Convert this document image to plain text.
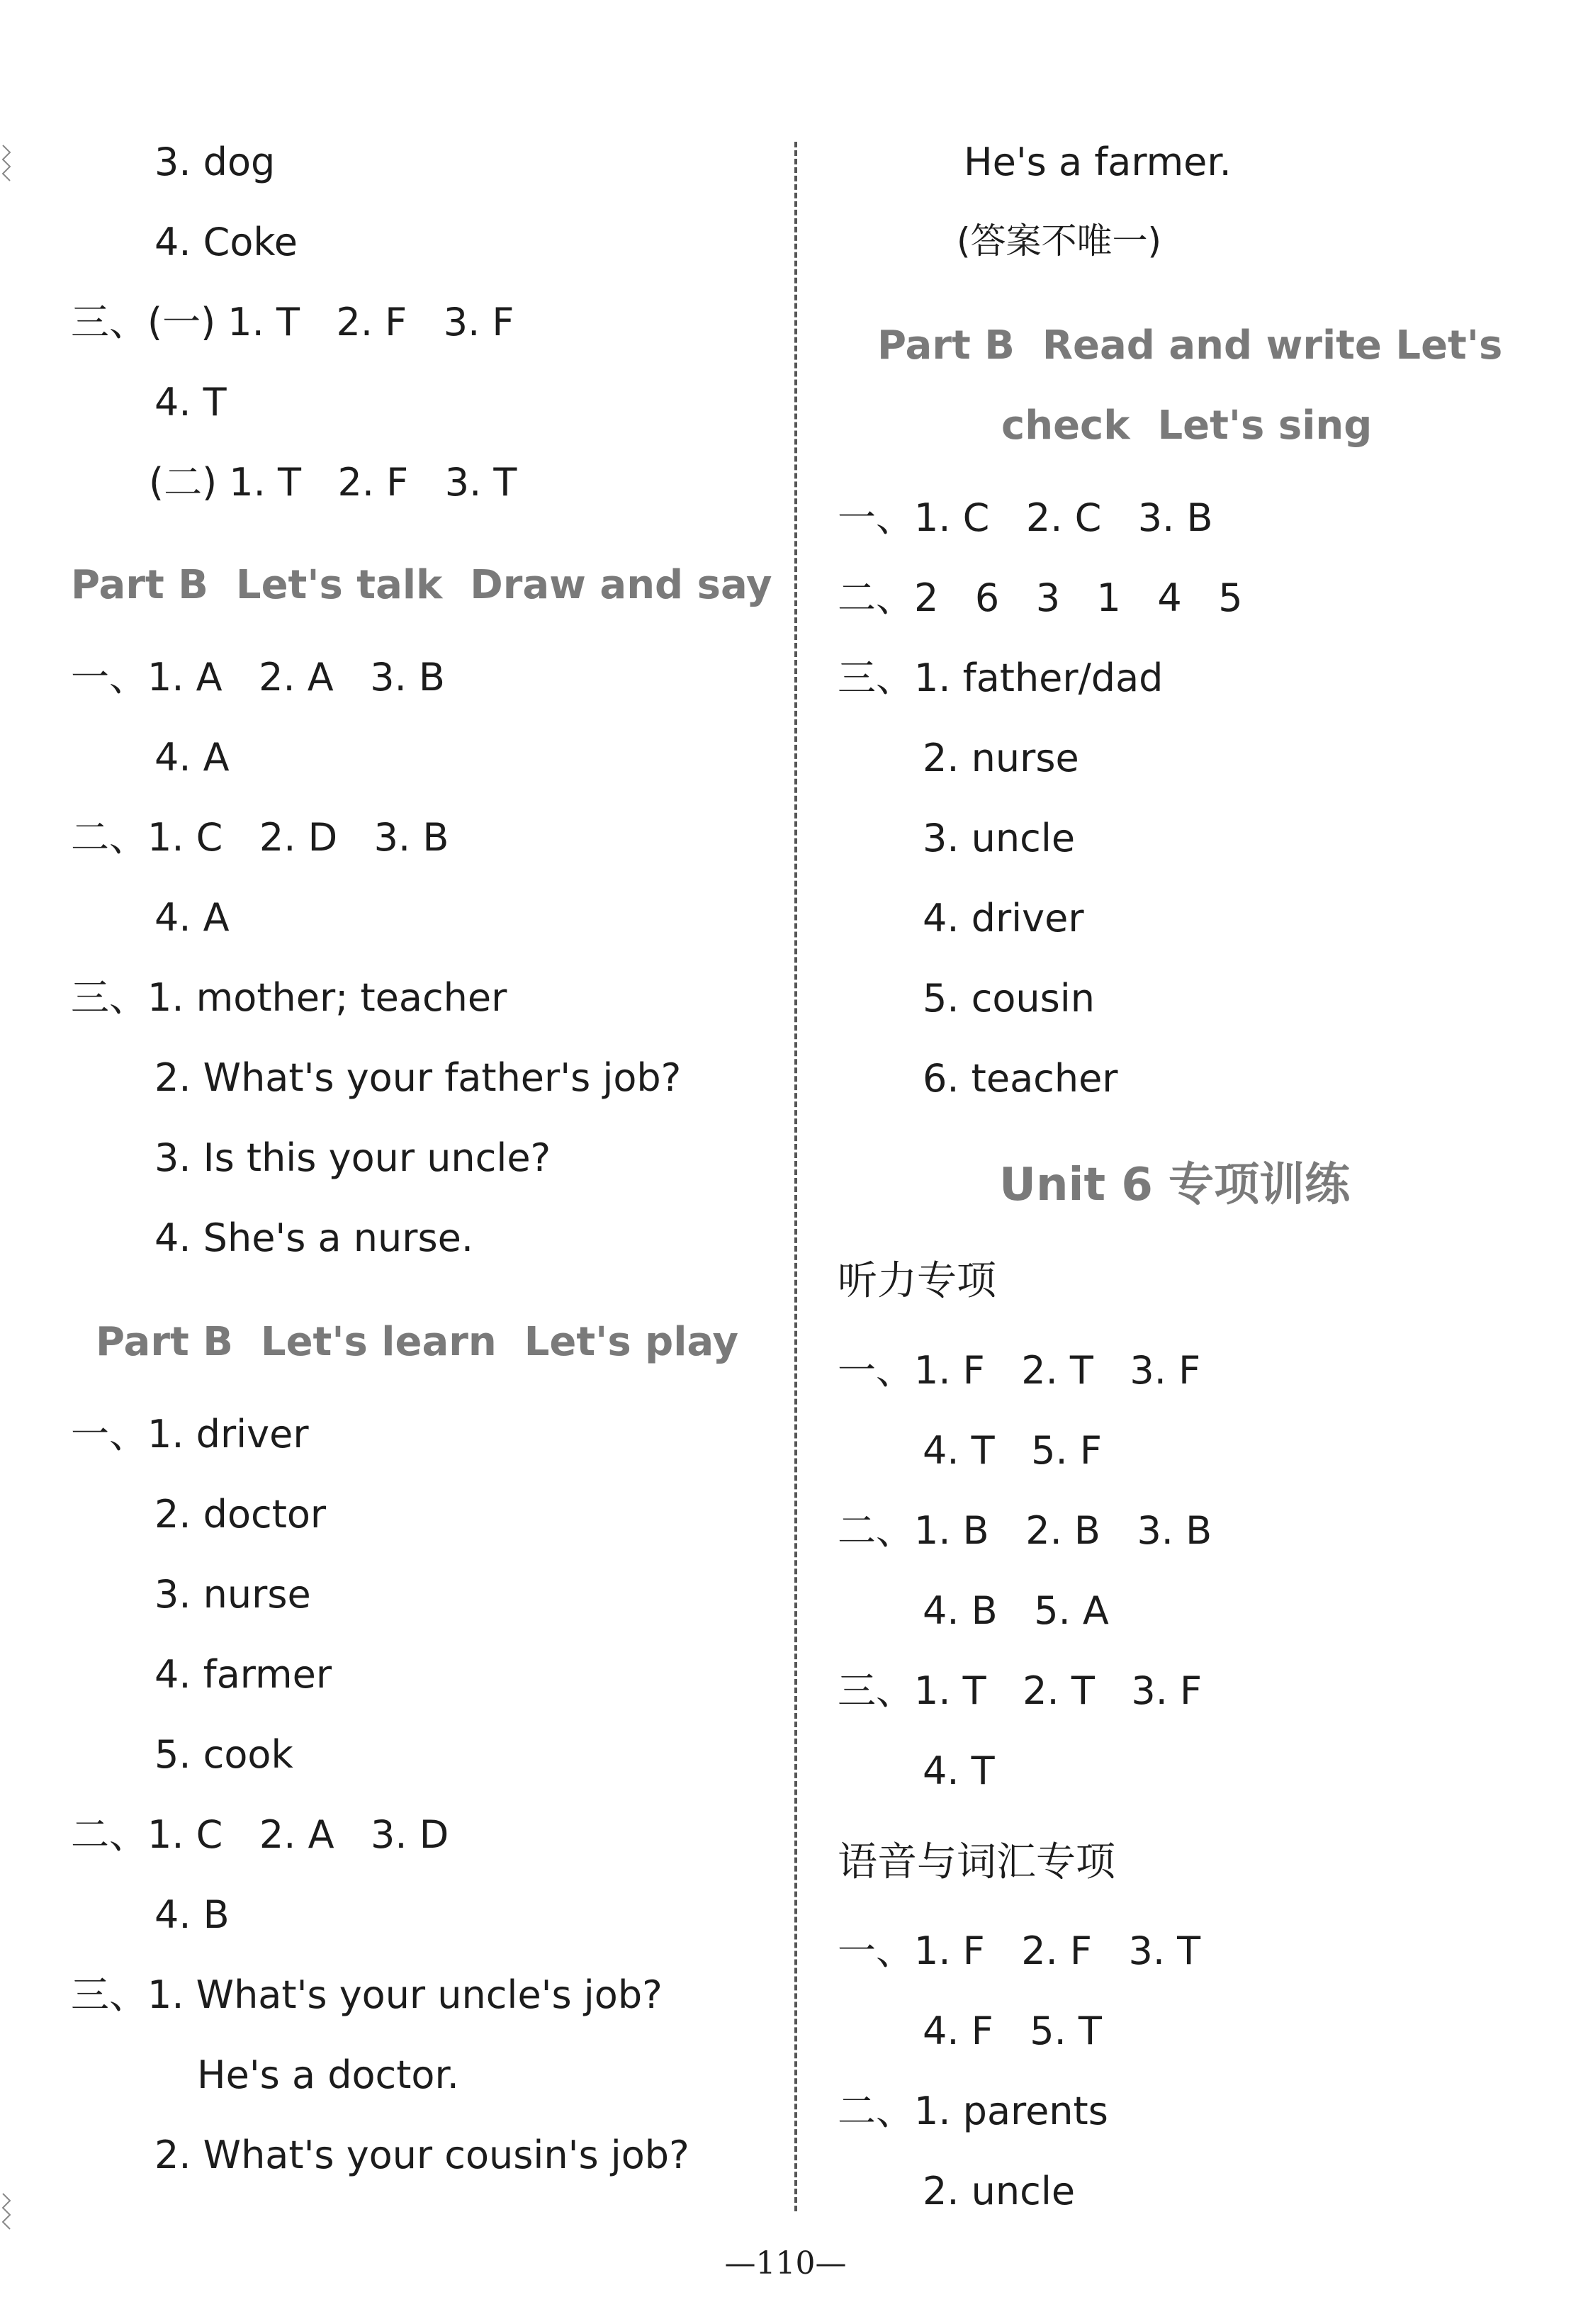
3. dog
4. Coke
三、(一) 1. T   2. F   3. F
4. T
(二) 1. T   2. F   3. T
Part B  Let's talk  Draw and say
一、1. A   2. A   3. B
4. A
二、1. C   2. D   3. B
4. A
三、1. mother; teacher
2. What's your father's job?
3. Is this your uncle?
4. She's a nurse.
Part B  Let's learn  Let's play
一、1. driver
2. doctor
3. nurse
4. farmer
5. cook
二、1. C   2. A   3. D
4. B
三、1. What's your uncle's job?
He's a doctor.
2. What's your cousin's job?
He's a farmer.
(答案不唯一)
Part B  Read and write Let's
check  Let's sing
一、1. C   2. C   3. B
二、2   6   3   1   4   5
三、1. father/dad
2. nurse
3. uncle
4. driver
5. cousin
6. teacher
Unit 6 专项训练
听力专项
一、1. F   2. T   3. F
4. T   5. F
二、1. B   2. B   3. B
4. B   5. A
三、1. T   2. T   3. F
4. T
语音与词汇专项
一、1. F   2. F   3. T
4. F   5. T
二、1. parents
2. uncle
—110—
